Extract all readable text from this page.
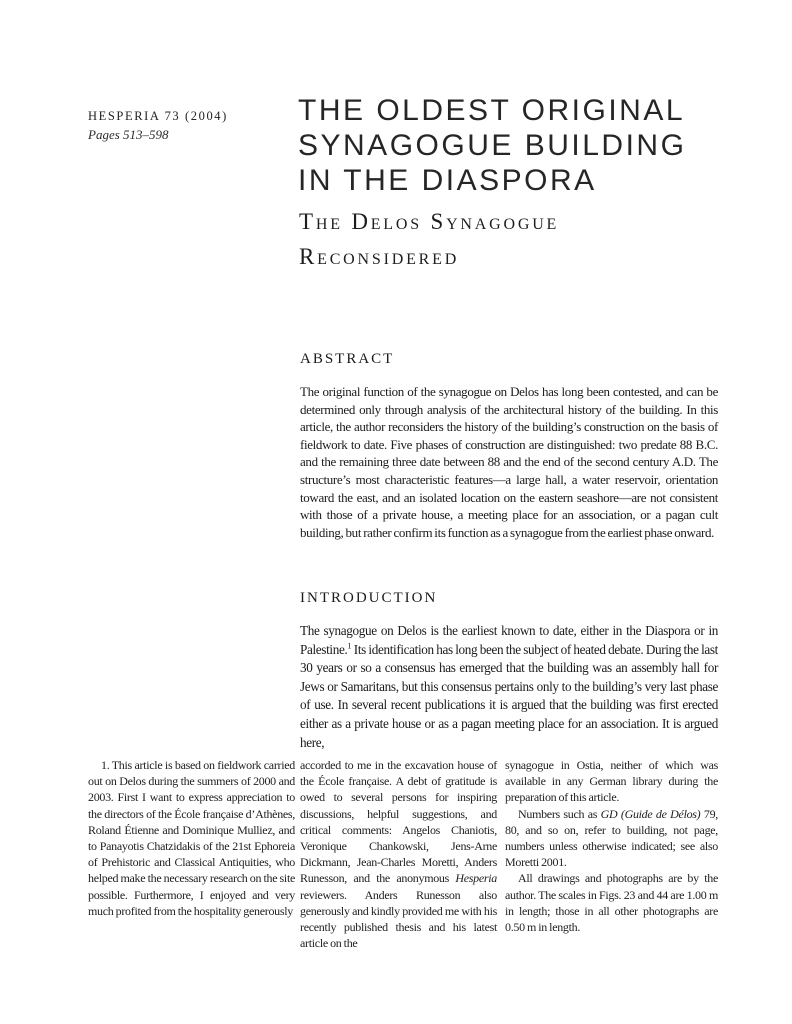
HESPERIA 73 (2004)
Pages 513–598
THE OLDEST ORIGINAL
SYNAGOGUE BUILDING
IN THE DIASPORA
The Delos Synagogue
Reconsidered
ABSTRACT
The original function of the synagogue on Delos has long been contested, and can be determined only through analysis of the architectural history of the building. In this article, the author reconsiders the history of the building’s construction on the basis of fieldwork to date. Five phases of construction are distinguished: two predate 88 B.C. and the remaining three date between 88 and the end of the second century A.D. The structure’s most characteristic features—a large hall, a water reservoir, orientation toward the east, and an isolated location on the eastern seashore—are not consistent with those of a private house, a meeting place for an association, or a pagan cult building, but rather confirm its function as a synagogue from the earliest phase onward.
INTRODUCTION
The synagogue on Delos is the earliest known to date, either in the Diaspora or in Palestine.$^1$ Its identification has long been the subject of heated debate. During the last 30 years or so a consensus has emerged that the building was an assembly hall for Jews or Samaritans, but this consensus pertains only to the building’s very last phase of use. In several recent publications it is argued that the building was first erected either as a private house or as a pagan meeting place for an association. It is argued here,

1. This article is based on fieldwork carried out on Delos during the summers of 2000 and 2003. First I want to express appreciation to the directors of the École française d’Athènes, Roland Étienne and Dominique Mulliez, and to Panayotis Chatzidakis of the 21st Ephoreia of Prehistoric and Classical Antiquities, who helped make the necessary research on the site possible. Furthermore, I enjoyed and very much profited from the hospitality generously

accorded to me in the excavation house of the École française. A debt of gratitude is owed to several persons for inspiring discussions, helpful suggestions, and critical comments: Angelos Chaniotis, Veronique Chankowski, Jens-Arne Dickmann, Jean-Charles Moretti, Anders Runesson, and the anonymous Hesperia reviewers. Anders Runesson also generously and kindly provided me with his recently published thesis and his latest article on the

synagogue in Ostia, neither of which was available in any German library during the preparation of this article.

Numbers such as GD (Guide de Délos) 79, 80, and so on, refer to building, not page, numbers unless otherwise indicated; see also Moretti 2001.

All drawings and photographs are by the author. The scales in Figs. 23 and 44 are 1.00 m in length; those in all other photographs are 0.50 m in length.
